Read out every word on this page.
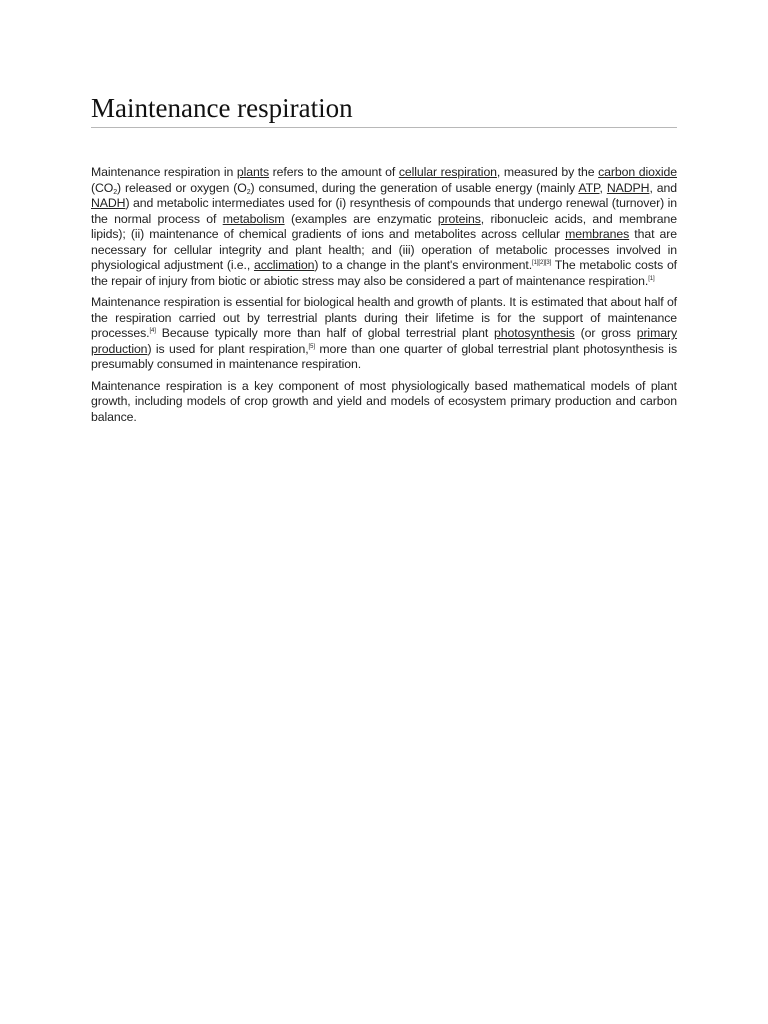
Maintenance respiration

Maintenance respiration in plants refers to the amount of cellular respiration, measured by the carbon dioxide $(CO_2)$ released or oxygen $(O_2)$ consumed, during the generation of usable energy (mainly ATP, NADPH, and NADH) and metabolic intermediates used for (i) resynthesis of compounds that undergo renewal (turnover) in the normal process of metabolism (examples are enzymatic proteins, ribonucleic acids, and membrane lipids); (ii) maintenance of chemical gradients of ions and metabolites across cellular membranes that are necessary for cellular integrity and plant health; and (iii) operation of metabolic processes involved in physiological adjustment (i.e., acclimation) to a change in the plant's environment.[1][2][3] The metabolic costs of the repair of injury from biotic or abiotic stress may also be considered a part of maintenance respiration.[1]

Maintenance respiration is essential for biological health and growth of plants. It is estimated that about half of the respiration carried out by terrestrial plants during their lifetime is for the support of maintenance processes.[4] Because typically more than half of global terrestrial plant photosynthesis (or gross primary production) is used for plant respiration,[5] more than one quarter of global terrestrial plant photosynthesis is presumably consumed in maintenance respiration.

Maintenance respiration is a key component of most physiologically based mathematical models of plant growth, including models of crop growth and yield and models of ecosystem primary production and carbon balance.
